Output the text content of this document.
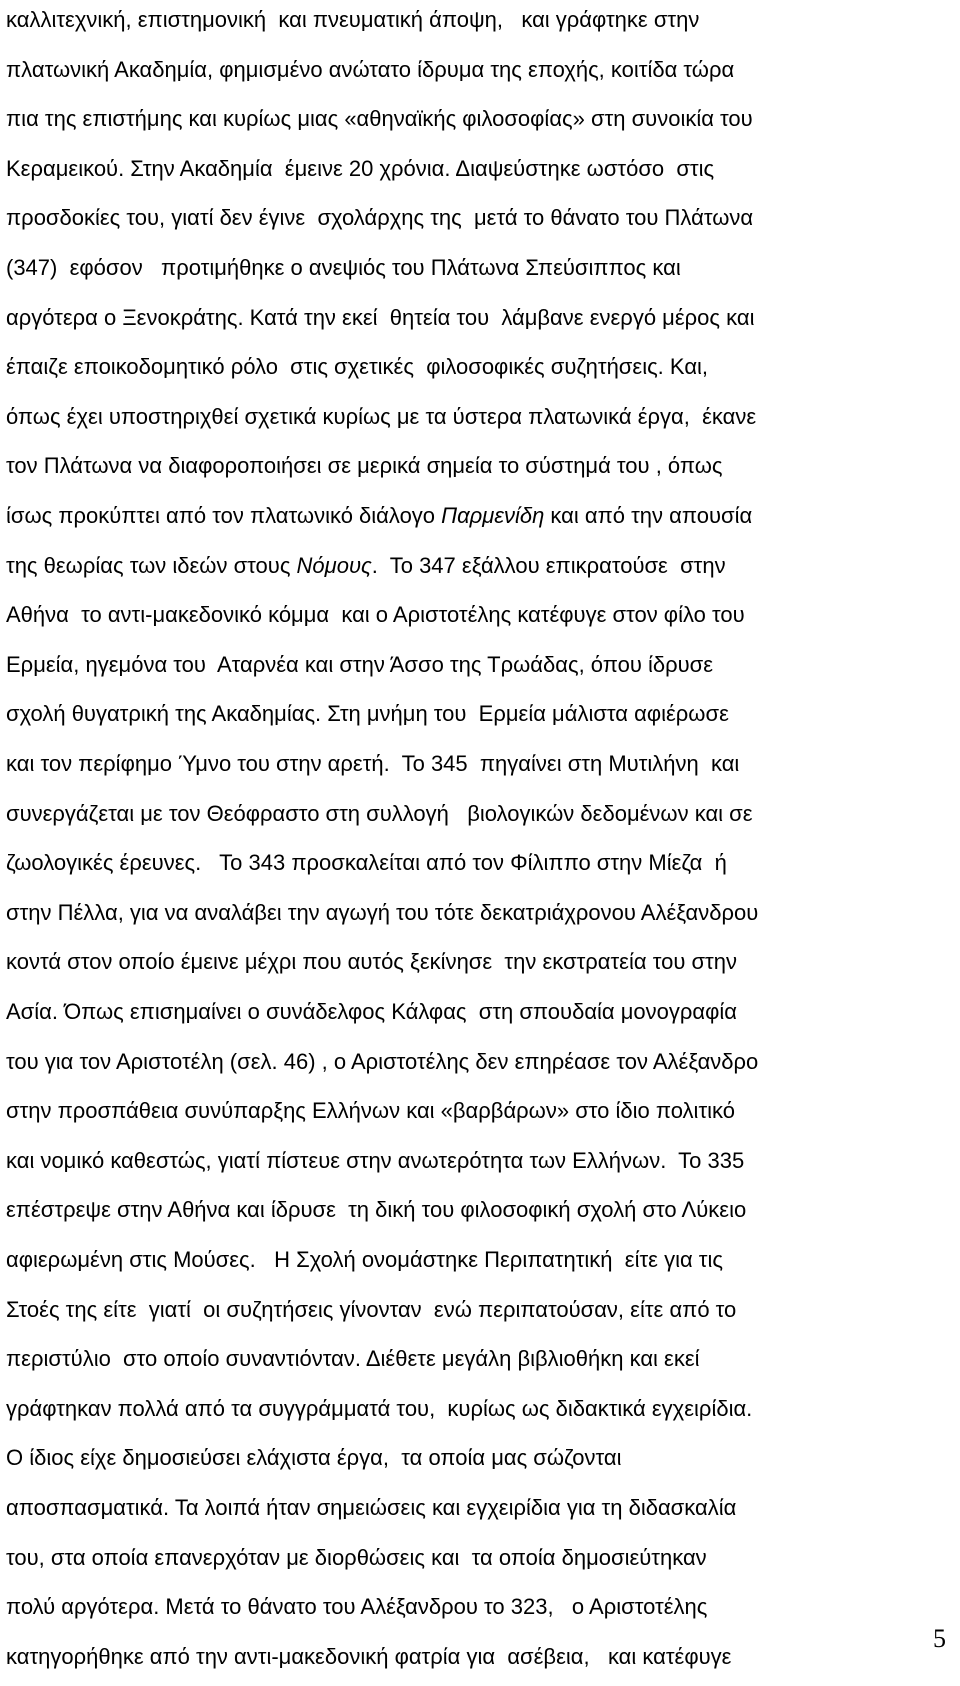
καλλιτεχνική, επιστημονική  και πνευματική άποψη,   και γράφτηκε στην
πλατωνική Ακαδημία, φημισμένο ανώτατο ίδρυμα της εποχής, κοιτίδα τώρα
πια της επιστήμης και κυρίως μιας «αθηναϊκής φιλοσοφίας» στη συνοικία του
Κεραμεικού. Στην Ακαδημία  έμεινε 20 χρόνια. Διαψεύστηκε ωστόσο  στις
προσδοκίες του, γιατί δεν έγινε  σχολάρχης της  μετά το θάνατο του Πλάτωνα
(347)  εφόσον   προτιμήθηκε ο ανεψιός του Πλάτωνα Σπεύσιππος και
αργότερα ο Ξενοκράτης. Κατά την εκεί  θητεία του  λάμβανε ενεργό μέρος και
έπαιζε εποικοδομητικό ρόλο  στις σχετικές  φιλοσοφικές συζητήσεις. Και,
όπως έχει υποστηριχθεί σχετικά κυρίως με τα ύστερα πλατωνικά έργα,  έκανε
τον Πλάτωνα να διαφοροποιήσει σε μερικά σημεία το σύστημά του , όπως
ίσως προκύπτει από τον πλατωνικό διάλογο Παρμενίδη και από την απουσία
της θεωρίας των ιδεών στους Νόμους.  Το 347 εξάλλου επικρατούσε  στην
Αθήνα  το αντι-μακεδονικό κόμμα  και ο Αριστοτέλης κατέφυγε στον φίλο του
Ερμεία, ηγεμόνα του  Αταρνέα και στην Άσσο της Τρωάδας, όπου ίδρυσε
σχολή θυγατρική της Ακαδημίας. Στη μνήμη του  Ερμεία μάλιστα αφιέρωσε
και τον περίφημο Ύμνο του στην αρετή.  Το 345  πηγαίνει στη Μυτιλήνη  και
συνεργάζεται με τον Θεόφραστο στη συλλογή   βιολογικών δεδομένων και σε
ζωολογικές έρευνες.   Το 343 προσκαλείται από τον Φίλιππο στην Μίεζα  ή
στην Πέλλα, για να αναλάβει την αγωγή του τότε δεκατριάχρονου Αλέξανδρου
κοντά στον οποίο έμεινε μέχρι που αυτός ξεκίνησε  την εκστρατεία του στην
Ασία. Όπως επισημαίνει ο συνάδελφος Κάλφας  στη σπουδαία μονογραφία
του για τον Αριστοτέλη (σελ. 46) , ο Αριστοτέλης δεν επηρέασε τον Αλέξανδρο
στην προσπάθεια συνύπαρξης Ελλήνων και «βαρβάρων» στο ίδιο πολιτικό
και νομικό καθεστώς, γιατί πίστευε στην ανωτερότητα των Ελλήνων.  Το 335
επέστρεψε στην Αθήνα και ίδρυσε  τη δική του φιλοσοφική σχολή στο Λύκειο
αφιερωμένη στις Μούσες.   Η Σχολή ονομάστηκε Περιπατητική  είτε για τις
Στοές της είτε  γιατί  οι συζητήσεις γίνονταν  ενώ περιπατούσαν, είτε από το
περιστύλιο  στο οποίο συναντιόνταν. Διέθετε μεγάλη βιβλιοθήκη και εκεί
γράφτηκαν πολλά από τα συγγράμματά του,  κυρίως ως διδακτικά εγχειρίδια.
Ο ίδιος είχε δημοσιεύσει ελάχιστα έργα,  τα οποία μας σώζονται
αποσπασματικά. Τα λοιπά ήταν σημειώσεις και εγχειρίδια για τη διδασκαλία
του, στα οποία επανερχόταν με διορθώσεις και  τα οποία δημοσιεύτηκαν
πολύ αργότερα. Μετά το θάνατο του Αλέξανδρου το 323,   ο Αριστοτέλης
κατηγορήθηκε από την αντι-μακεδονική φατρία για  ασέβεια,   και κατέφυγε
5
